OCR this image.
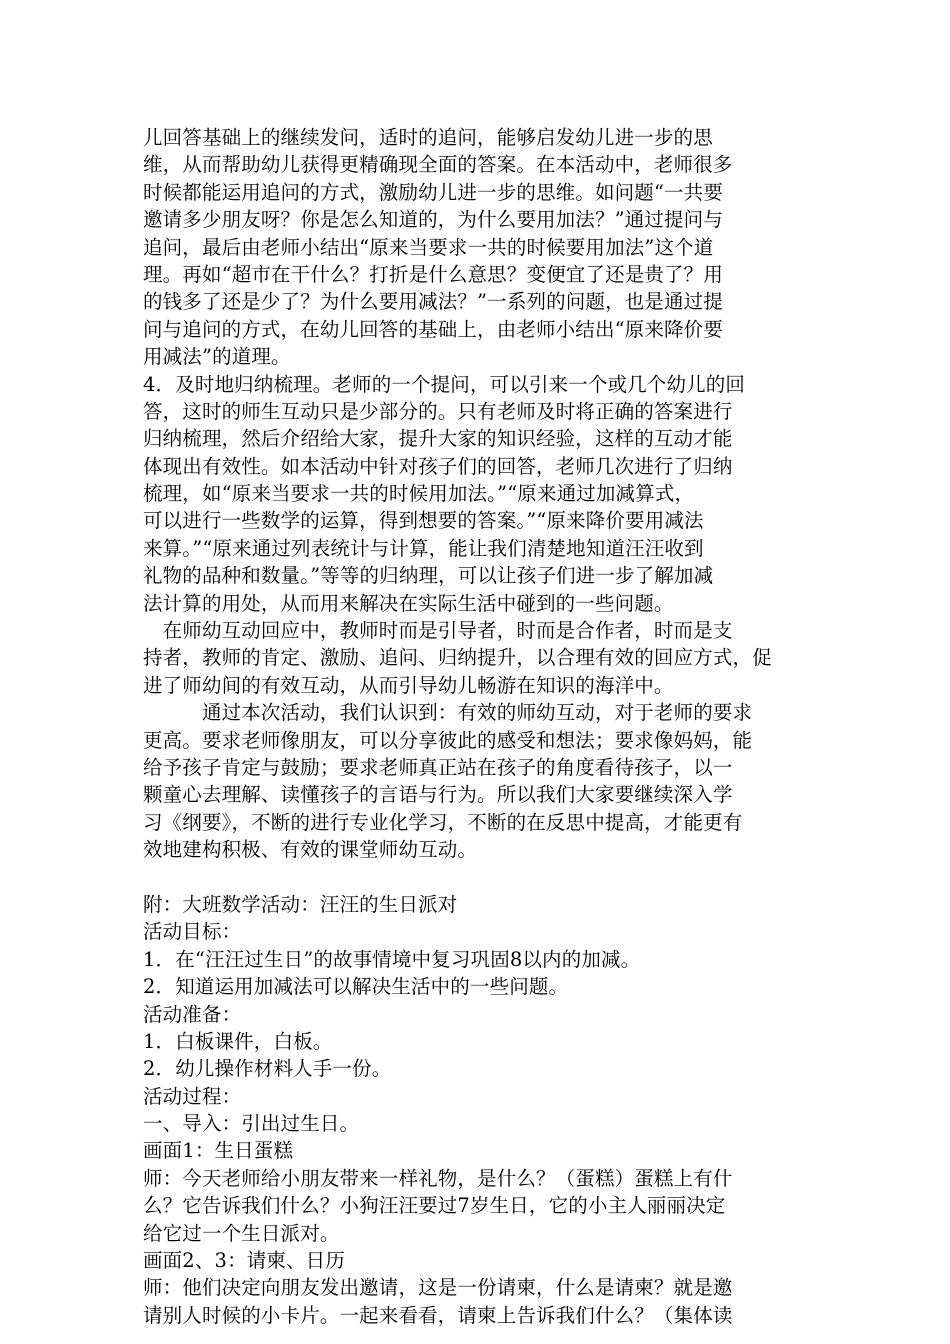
儿回答基础上的继续发问，适时的追问，能够启发幼儿进一步的思
维，从而帮助幼儿获得更精确现全面的答案。在本活动中，老师很多
时候都能运用追问的方式，激励幼儿进一步的思维。如问题“一共要
邀请多少朋友呀？你是怎么知道的，为什么要用加法？”通过提问与
追问，最后由老师小结出“原来当要求一共的时候要用加法”这个道
理。再如“超市在干什么？打折是什么意思？变便宜了还是贵了？用
的钱多了还是少了？为什么要用减法？”一系列的问题，也是通过提
问与追问的方式，在幼儿回答的基础上，由老师小结出“原来降价要
用减法”的道理。
4．及时地归纳梳理。老师的一个提问，可以引来一个或几个幼儿的回
答，这时的师生互动只是少部分的。只有老师及时将正确的答案进行
归纳梳理，然后介绍给大家，提升大家的知识经验，这样的互动才能
体现出有效性。如本活动中针对孩子们的回答，老师几次进行了归纳
梳理，如“原来当要求一共的时候用加法。”“原来通过加减算式，
可以进行一些数学的运算，得到想要的答案。”“原来降价要用减法
来算。”“原来通过列表统计与计算，能让我们清楚地知道汪汪收到
礼物的品种和数量。”等等的归纳理，可以让孩子们进一步了解加减
法计算的用处，从而用来解决在实际生活中碰到的一些问题。
　在师幼互动回应中，教师时而是引导者，时而是合作者，时而是支
持者，教师的肯定、激励、追问、归纳提升，以合理有效的回应方式，促
进了师幼间的有效互动，从而引导幼儿畅游在知识的海洋中。
　　　通过本次活动，我们认识到：有效的师幼互动，对于老师的要求
更高。要求老师像朋友，可以分享彼此的感受和想法；要求像妈妈，能
给予孩子肯定与鼓励；要求老师真正站在孩子的角度看待孩子，以一
颗童心去理解、读懂孩子的言语与行为。所以我们大家要继续深入学
习《纲要》，不断的进行专业化学习，不断的在反思中提高，才能更有
效地建构积极、有效的课堂师幼互动。
附：大班数学活动：汪汪的生日派对
活动目标：
1．在“汪汪过生日”的故事情境中复习巩固8以内的加减。
2．知道运用加减法可以解决生活中的一些问题。
活动准备：
1．白板课件，白板。
2．幼儿操作材料人手一份。
活动过程：
一、导入：引出过生日。
画面1：生日蛋糕
师：今天老师给小朋友带来一样礼物，是什么？（蛋糕）蛋糕上有什
么？它告诉我们什么？小狗汪汪要过7岁生日，它的小主人丽丽决定
给它过一个生日派对。
画面2、3：请柬、日历
师：他们决定向朋友发出邀请，这是一份请柬，什么是请柬？就是邀
请别人时候的小卡片。一起来看看，请柬上告诉我们什么？（集体读
